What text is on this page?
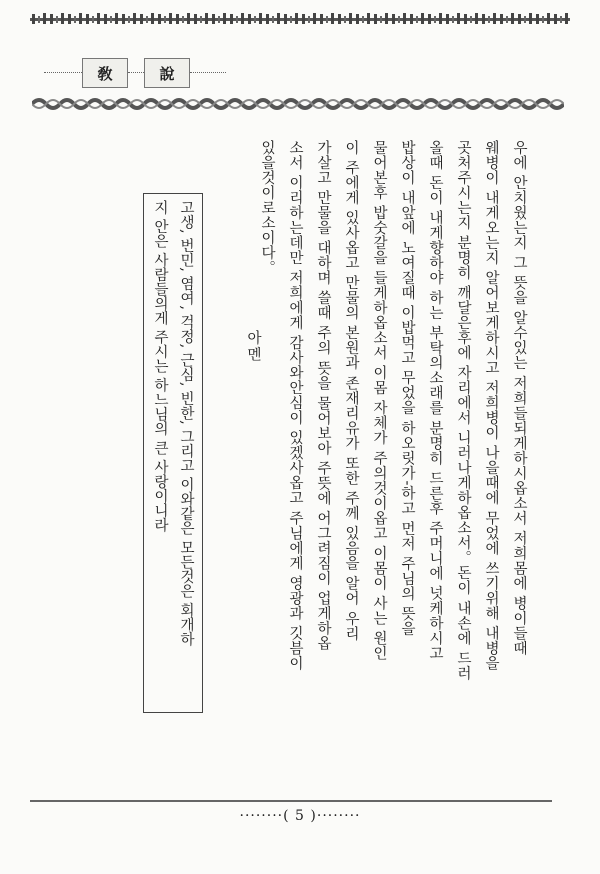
敎	說
우에 안치웠는지 그 뜻을 알수있는 저희들되게하시옵소서 저희몸에 병이들때
웨병이 내게오는지 알어보게하시고 저희병이 나을때에 무었에 쓰기위해 내병을
곳처주시는지 분명히 깨달은후에 자리에서 니러나게하옵소서。돈이 내손에 드러
올때 돈이 내게향하야 하는 부탁의소래를 분명히 드른후 주머니에 넛케하시고
밥상이 내앞에 노여질때 이밥먹고 무었을 하오릿가-하고 먼저 주님의 뜻을
물어본후 밥숫갈을 들게하옵소서 이몸 자체가 주의것이옵고 이몸이 사는 원인
이 주에게 있사옵고 만물의 본원과 존재리유가 또한 주께 있음을 알어 우리
가살고 만물을 대하며 쓸때 주의 뜻을 물어보아 주뜻에 어그려짐이 업게하옵
소서 이리하는데만 저희에게 감사와안심이 있겠사옵고 주님에게 영광과 깃븜이
있을것이로소이다。
아멘
고생, 번민, 염여, 걱정, 근심, 빈한, 그리고 이와같은 모든것은 회개하
지 안은 사람들의게 주시는 하느님의 큰 사랑이니라
········( 5 )········
